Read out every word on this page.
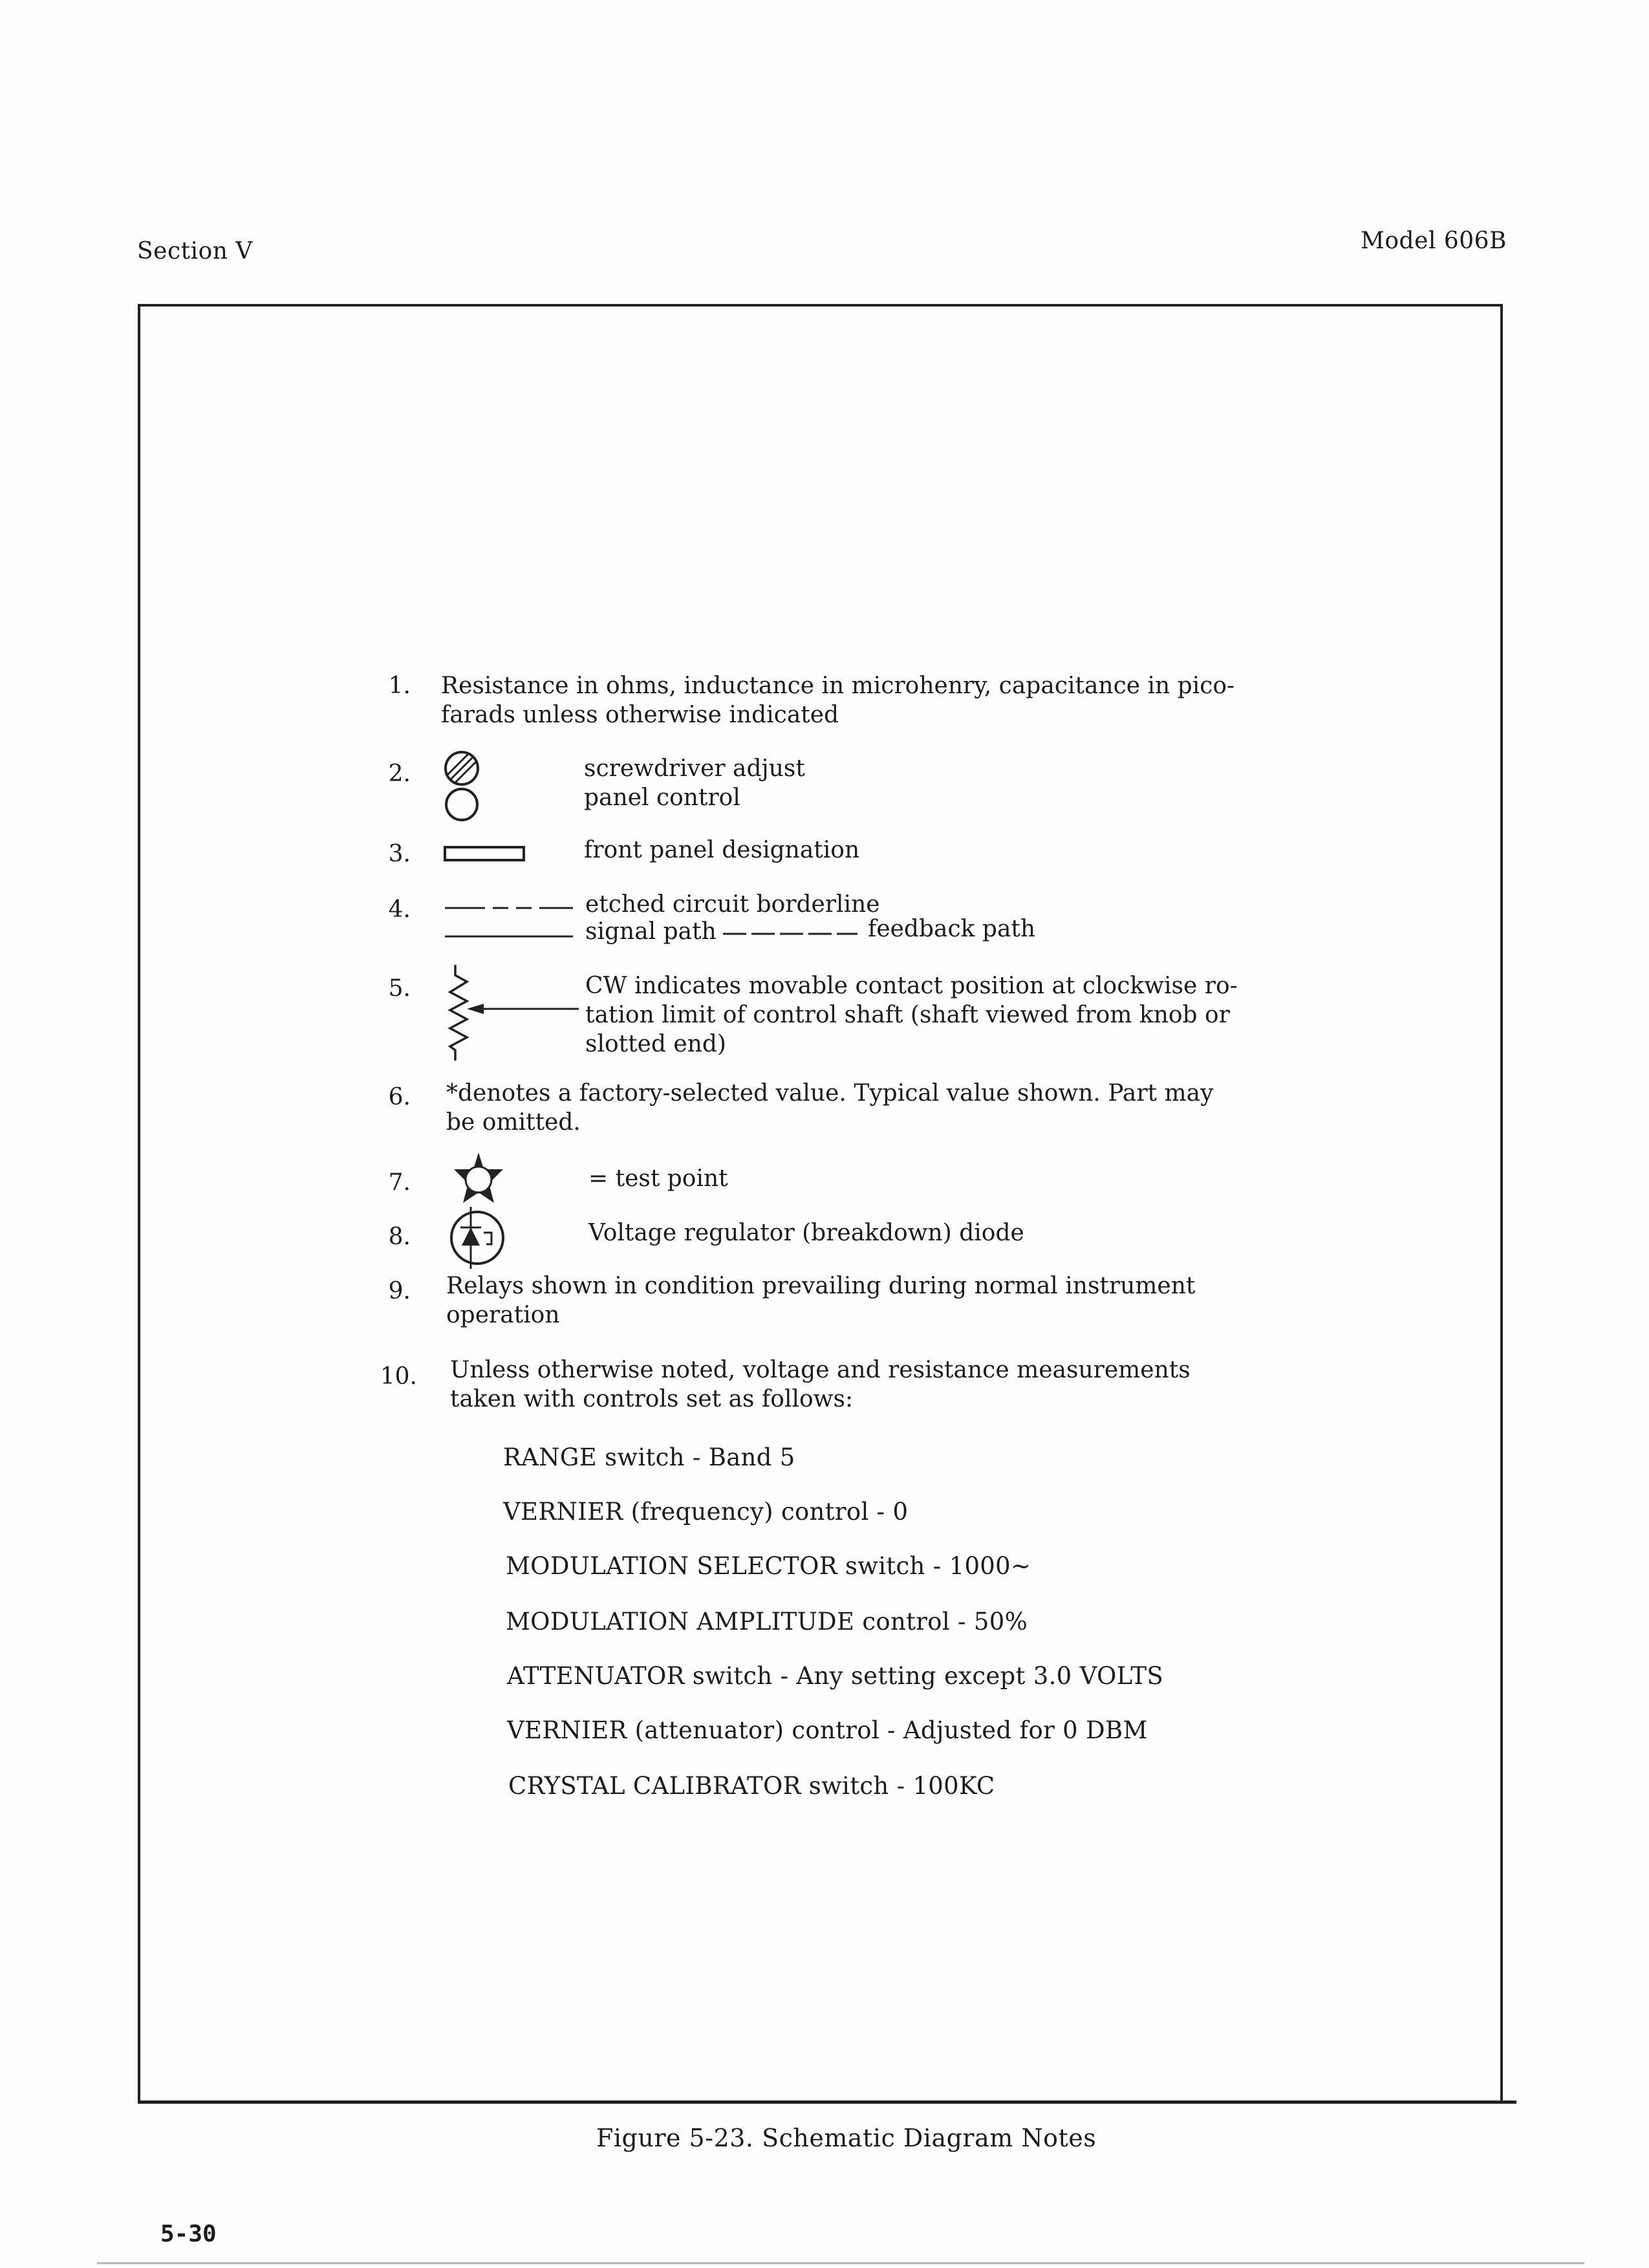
Section V	Model 606B
1. Resistance in ohms, inductance in microhenry, capacitance in pico-
farads unless otherwise indicated
2.	screwdriver adjust
panel control
3.	front panel designation
4.	etched circuit borderline
signal path	feedback path
5.	CW indicates movable contact position at clockwise ro-
tation limit of control shaft (shaft viewed from knob or
slotted end)
6. *denotes a factory-selected value. Typical value shown. Part may
be omitted.
7.	= test point
8.	Voltage regulator (breakdown) diode
9. Relays shown in condition prevailing during normal instrument
operation
10. Unless otherwise noted, voltage and resistance measurements
taken with controls set as follows:
RANGE switch - Band 5
VERNIER (frequency) control - 0
MODULATION SELECTOR switch - 1000~
MODULATION AMPLITUDE control - 50%
ATTENUATOR switch - Any setting except 3.0 VOLTS
VERNIER (attenuator) control - Adjusted for 0 DBM
CRYSTAL CALIBRATOR switch - 100KC
Figure 5-23. Schematic Diagram Notes
5-30
